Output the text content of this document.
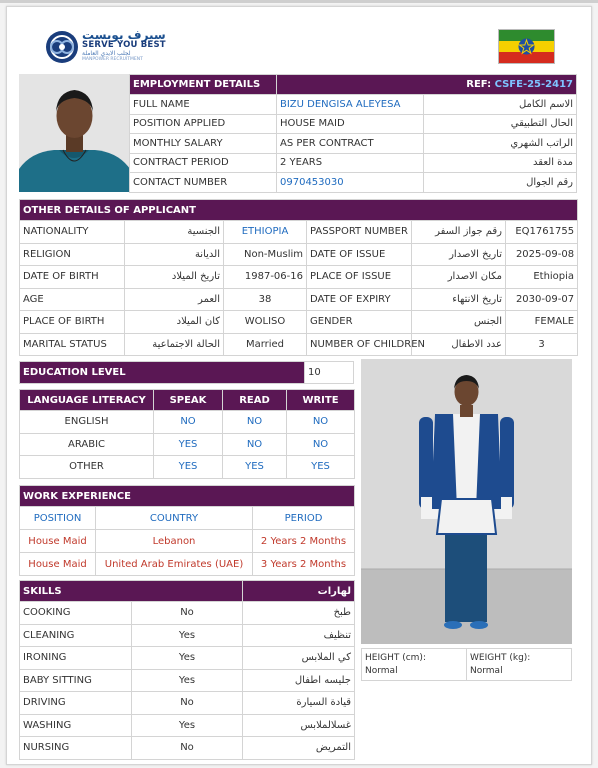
سيرف يوبست
SERVE YOU BEST
لجلب الايدي العاملة
MANPOWER RECRUITMENT
EMPLOYMENT DETAILS	REF: CSFE-25-2417	
FULL NAME	BIZU DENGISA ALEYESA	الاسم الكامل
POSITION APPLIED	HOUSE MAID	الحال التطبيقي
MONTHLY SALARY	AS PER CONTRACT	الراتب الشهري
CONTRACT PERIOD	2 YEARS	مدة العقد
CONTACT NUMBER	0970453030	رقم الجوال
OTHER DETAILS OF APPLICANT					
NATIONALITY	الجنسية	ETHIOPIA	PASSPORT NUMBER	رقم جواز السفر	EQ1761755
RELIGION	الديانة	Non-Muslim	DATE OF ISSUE	تاريخ الاصدار	2025-09-08
DATE OF BIRTH	تاريخ الميلاد	1987-06-16	PLACE OF ISSUE	مكان الاصدار	Ethiopia
AGE	العمر	38	DATE OF EXPIRY	تاريخ الانتهاء	2030-09-07
PLACE OF BIRTH	كان الميلاد	WOLISO	GENDER	الجنس	FEMALE
MARITAL STATUS	الحالة الاجتماعية	Married	NUMBER OF CHILDREN	عدد الاطفال	3
EDUCATION LEVEL	10
LANGUAGE LITERACY	SPEAK	READ	WRITE
ENGLISH	NO	NO	NO
ARABIC	YES	NO	NO
OTHER	YES	YES	YES
WORK EXPERIENCE		
POSITION	COUNTRY	PERIOD
House Maid	Lebanon	2 Years 2 Months
House Maid	United Arab Emirates (UAE)	3 Years 2 Months
SKILLS		لهارات
COOKING	No	طبخ
CLEANING	Yes	تنظيف
IRONING	Yes	كي الملابس
BABY SITTING	Yes	جليسه اطفال
DRIVING	No	قيادة السيارة
WASHING	Yes	غسلالملابس
NURSING	No	التمريض
HEIGHT (cm):
Normal

WEIGHT (kg):
Normal
